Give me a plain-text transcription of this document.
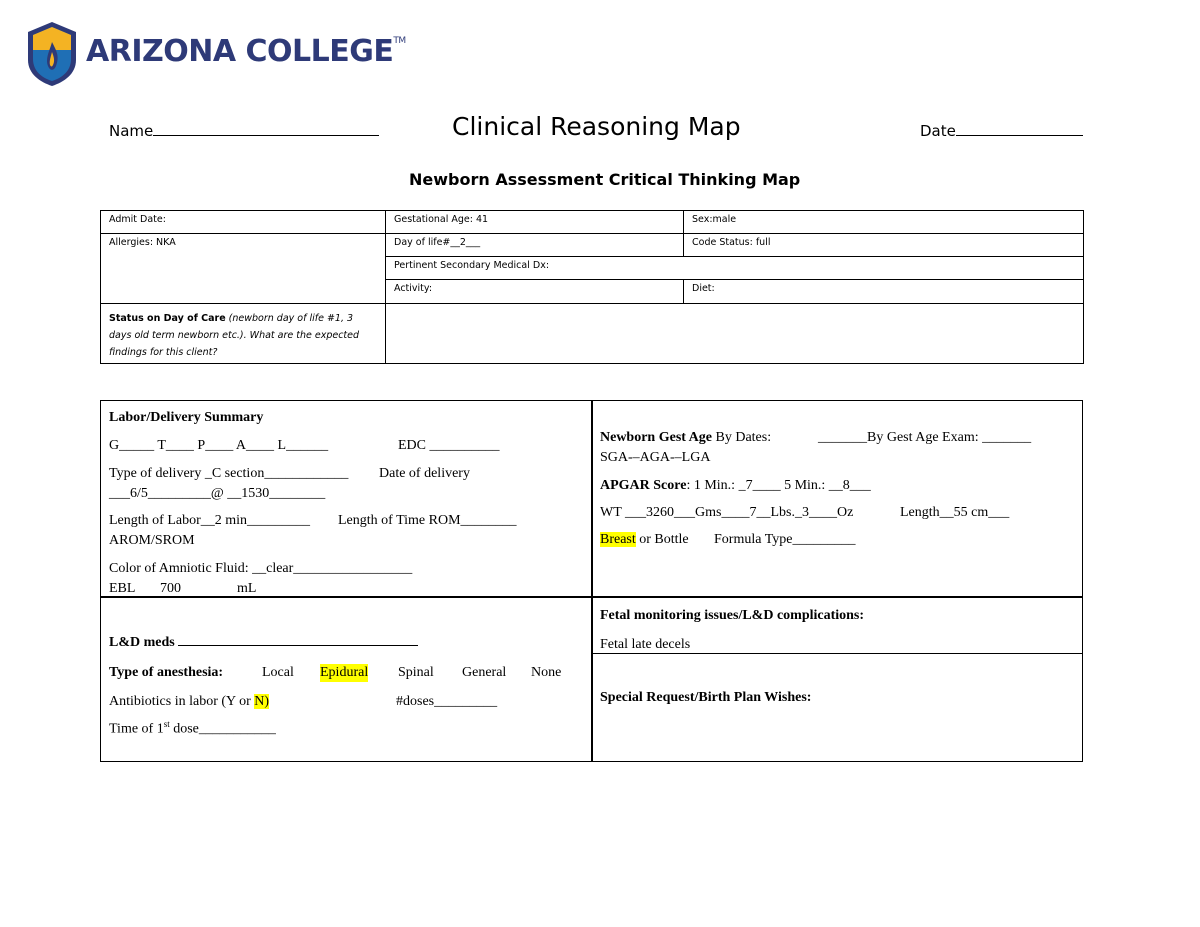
ARIZONA COLLEGE™
Name	Clinical Reasoning Map	Date
Newborn Assessment Critical Thinking Map
Admit Date:	Gestational Age: 41	Sex:male
Allergies: NKA	Day of life#__2___	Code Status: full
	Pertinent Secondary Medical Dx:	
	Activity:	Diet:
Status on Day of Care (newborn day of life #1, 3 days old term newborn etc.). What are the expected findings for this client?		
Labor/Delivery Summary
G_____ T____ P____ A____ L______	EDC __________
Type of delivery _C section____________ Date of delivery
___6/5_________@ __1530________
Length of Labor__2 min_________ Length of Time ROM________
AROM/SROM
Color of Amniotic Fluid: __clear_________________
EBL 700	mL
Newborn Gest Age By Dates:	_______By Gest Age Exam: _______
SGA-–AGA-–LGA
APGAR Score: 1 Min.: _7____ 5 Min.: __8___
WT ___3260___Gms____7__Lbs._3____Oz	Length__55 cm___
Breast or Bottle Formula Type_________
L&D meds
Type of anesthesia:	Local Epidural Spinal General None
Antibiotics in labor (Y or N)	#doses_________
Time of 1st dose___________
Fetal monitoring issues/L&D complications:
Fetal late decels
Special Request/Birth Plan Wishes:
